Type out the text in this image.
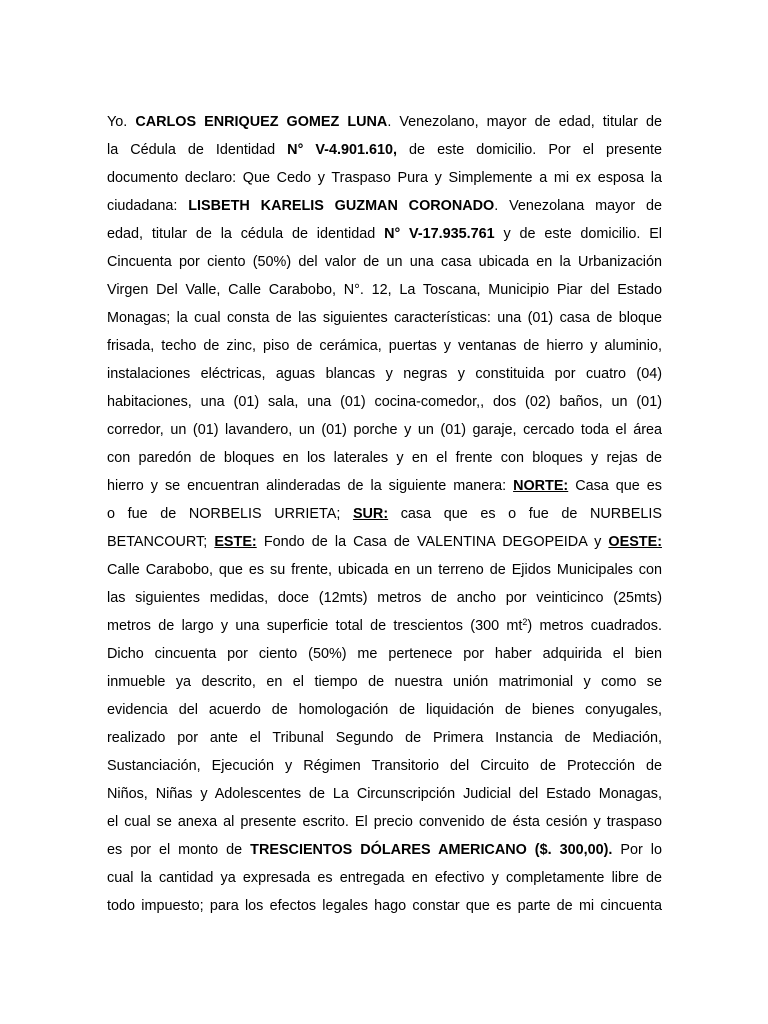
Yo. CARLOS ENRIQUEZ GOMEZ LUNA. Venezolano, mayor de edad, titular de
la Cédula de Identidad N° V-4.901.610, de este domicilio. Por el presente
documento declaro: Que Cedo y Traspaso Pura y Simplemente a mi ex esposa la
ciudadana: LISBETH KARELIS GUZMAN CORONADO. Venezolana mayor de
edad, titular de la cédula de identidad N° V-17.935.761 y de este domicilio. El
Cincuenta por ciento (50%) del valor de un una casa ubicada en la Urbanización
Virgen Del Valle, Calle Carabobo, N°. 12, La Toscana, Municipio Piar del Estado
Monagas; la cual consta de las siguientes características: una (01) casa de bloque
frisada, techo de zinc, piso de cerámica, puertas y ventanas de hierro y aluminio,
instalaciones eléctricas, aguas blancas y negras y constituida por cuatro (04)
habitaciones, una (01) sala, una (01) cocina-comedor,, dos (02) baños, un (01)
corredor, un (01) lavandero, un (01) porche y un (01) garaje, cercado toda el área
con paredón de bloques en los laterales y en el frente con bloques y rejas de
hierro y se encuentran alinderadas de la siguiente manera: NORTE: Casa que es
o fue de NORBELIS URRIETA; SUR: casa que es o fue de NURBELIS
BETANCOURT; ESTE: Fondo de la Casa de VALENTINA DEGOPEIDA y OESTE:
Calle Carabobo, que es su frente, ubicada en un terreno de Ejidos Municipales con
las siguientes medidas, doce (12mts) metros de ancho por veinticinco (25mts)
metros de largo y una superficie total de trescientos (300 $mt^2$) metros cuadrados.
Dicho cincuenta por ciento (50%) me pertenece por haber adquirida el bien
inmueble ya descrito, en el tiempo de nuestra unión matrimonial y como se
evidencia del acuerdo de homologación de liquidación de bienes conyugales,
realizado por ante el Tribunal Segundo de Primera Instancia de Mediación,
Sustanciación, Ejecución y Régimen Transitorio del Circuito de Protección de
Niños, Niñas y Adolescentes de La Circunscripción Judicial del Estado Monagas,
el cual se anexa al presente escrito. El precio convenido de ésta cesión y traspaso
es por el monto de TRESCIENTOS DÓLARES AMERICANO ($. 300,00). Por lo
cual la cantidad ya expresada es entregada en efectivo y completamente libre de
todo impuesto; para los efectos legales hago constar que es parte de mi cincuenta
